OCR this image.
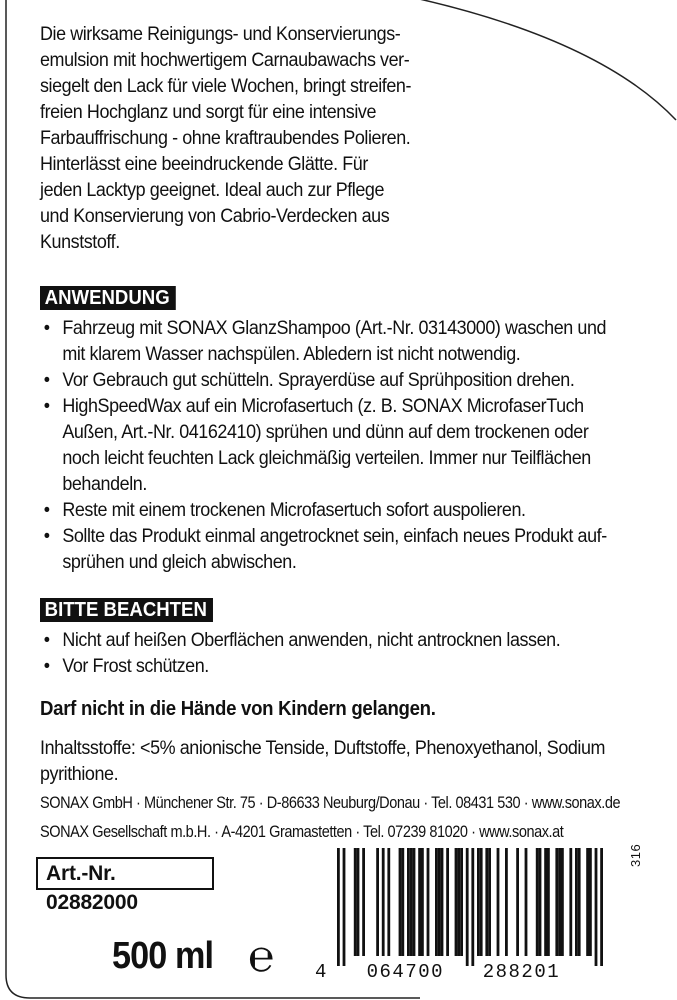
Die wirksame Reinigungs- und Konservierungsemulsion mit hochwertigem Carnaubawachs versiegelt den Lack für viele Wochen, bringt streifenfreien Hochglanz und sorgt für eine intensive Farbauffrischung - ohne kraftraubendes Polieren. Hinterlässt eine beeindruckende Glätte. Für jeden Lacktyp geeignet. Ideal auch zur Pflege und Konservierung von Cabrio-Verdecken aus Kunststoff.

ANWENDUNG
• Fahrzeug mit SONAX GlanzShampoo (Art.-Nr. 03143000) waschen und mit klarem Wasser nachspülen. Abledern ist nicht notwendig.
• Vor Gebrauch gut schütteln. Sprayerdüse auf Sprühposition drehen.
• HighSpeedWax auf ein Microfasertuch (z. B. SONAX MicrofaserTuch Außen, Art.-Nr. 04162410) sprühen und dünn auf dem trockenen oder noch leicht feuchten Lack gleichmäßig verteilen. Immer nur Teilflächen behandeln.
• Reste mit einem trockenen Microfasertuch sofort auspolieren.
• Sollte das Produkt einmal angetrocknet sein, einfach neues Produkt aufsprühen und gleich abwischen.
BITTE BEACHTEN
• Nicht auf heißen Oberflächen anwenden, nicht antrocknen lassen.
• Vor Frost schützen.
Darf nicht in die Hände von Kindern gelangen.
Inhaltsstoffe: <5% anionische Tenside, Duftstoffe, Phenoxyethanol, Sodium pyrithione.
SONAX GmbH · Münchener Str. 75 · D-86633 Neuburg/Donau · Tel. 08431 530 · www.sonax.de
SONAX Gesellschaft m.b.H. · A-4201 Gramastetten · Tel. 07239 81020 · www.sonax.at
Art.-Nr. 02882000
500 ml ℮
316
4   064700   288201
